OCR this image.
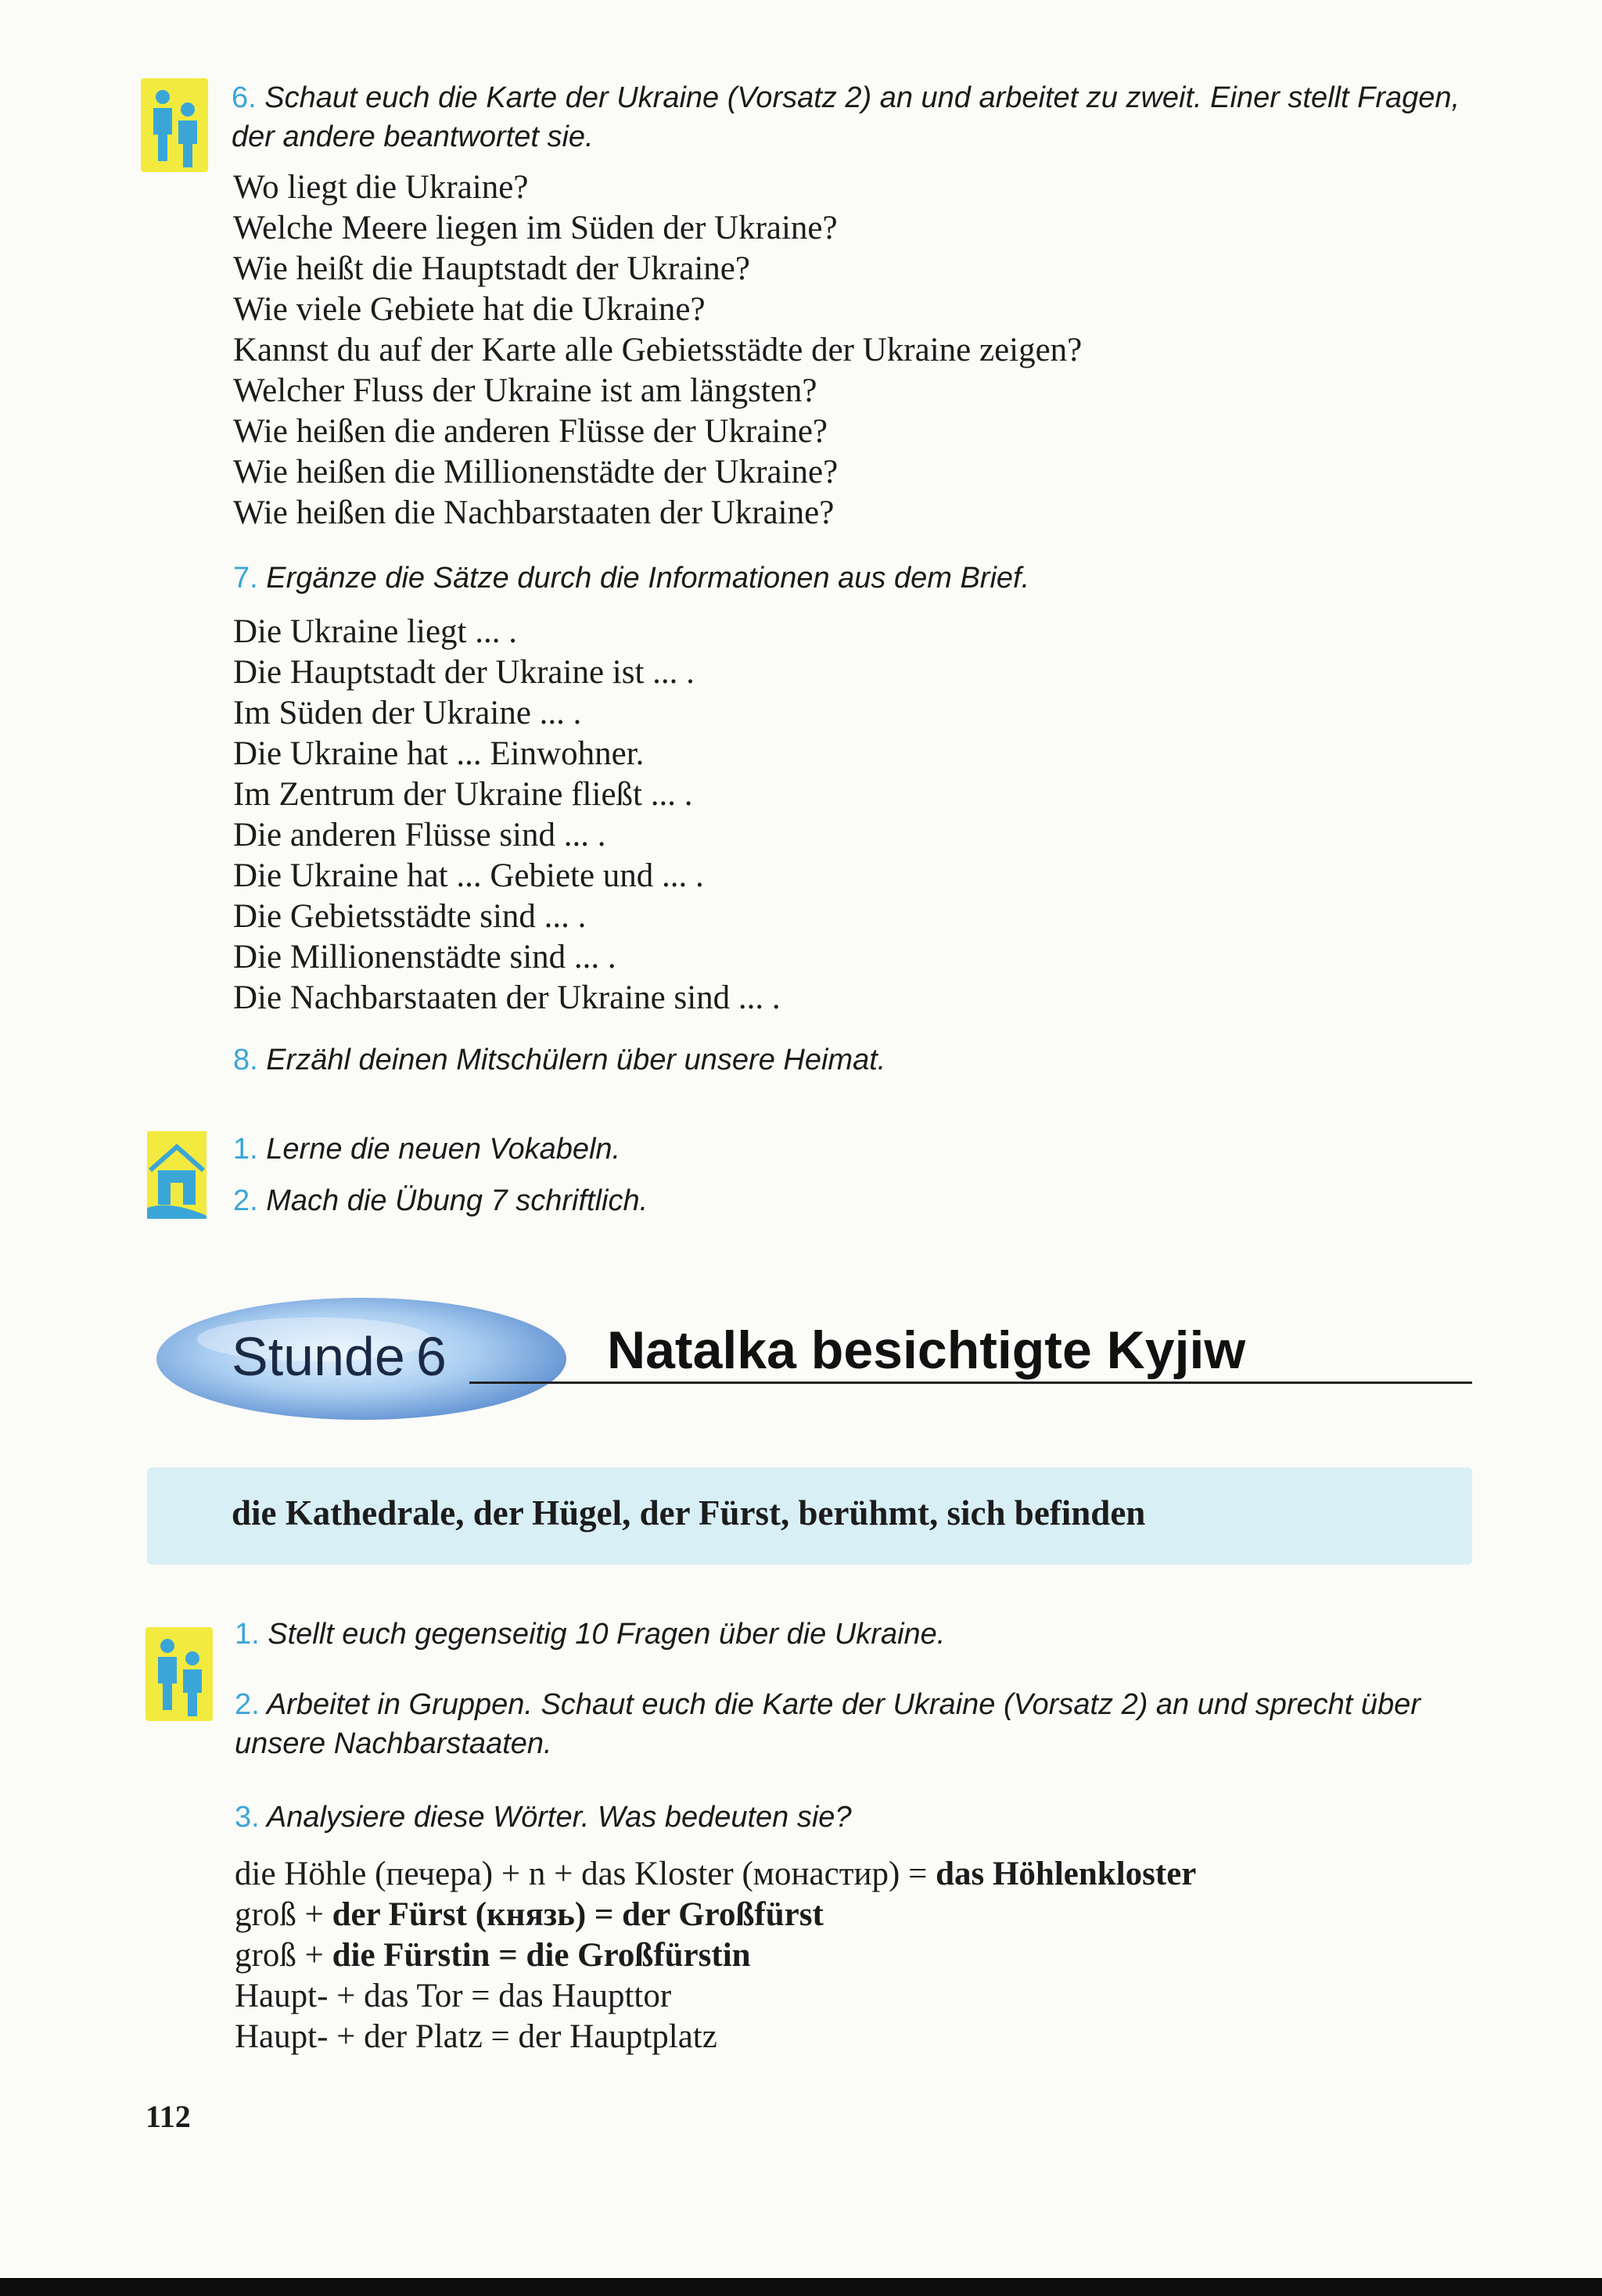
6. Schaut euch die Karte der Ukraine (Vorsatz 2) an und arbeitet zu zweit. Einer stellt Fragen, der andere beantwortet sie.
Wo liegt die Ukraine?
Welche Meere liegen im Süden der Ukraine?
Wie heißt die Hauptstadt der Ukraine?
Wie viele Gebiete hat die Ukraine?
Kannst du auf der Karte alle Gebietsstädte der Ukraine zeigen?
Welcher Fluss der Ukraine ist am längsten?
Wie heißen die anderen Flüsse der Ukraine?
Wie heißen die Millionenstädte der Ukraine?
Wie heißen die Nachbarstaaten der Ukraine?
7. Ergänze die Sätze durch die Informationen aus dem Brief.
Die Ukraine liegt ... .
Die Hauptstadt der Ukraine ist ... .
Im Süden der Ukraine ... .
Die Ukraine hat ... Einwohner.
Im Zentrum der Ukraine fließt ... .
Die anderen Flüsse sind ... .
Die Ukraine hat ... Gebiete und ... .
Die Gebietsstädte sind ... .
Die Millionenstädte sind ... .
Die Nachbarstaaten der Ukraine sind ... .
8. Erzähl deinen Mitschülern über unsere Heimat.
1. Lerne die neuen Vokabeln.
2. Mach die Übung 7 schriftlich.
Stunde  6	Natalka besichtigte Kyjiw
die Kathedrale, der Hügel, der Fürst, berühmt, sich befinden
1. Stellt euch gegenseitig 10 Fragen über die Ukraine.
2. Arbeitet in Gruppen. Schaut euch die Karte der Ukraine (Vorsatz 2) an und sprecht über unsere Nachbarstaaten.
3. Analysiere diese Wörter. Was bedeuten sie?
die Höhle (печера) + n + das Kloster (монастир) = das Höhlenkloster
groß + der Fürst (князь) = der Großfürst
groß + die Fürstin = die Großfürstin
Haupt- + das Tor = das Haupttor
Haupt- + der Platz = der Hauptplatz
112
